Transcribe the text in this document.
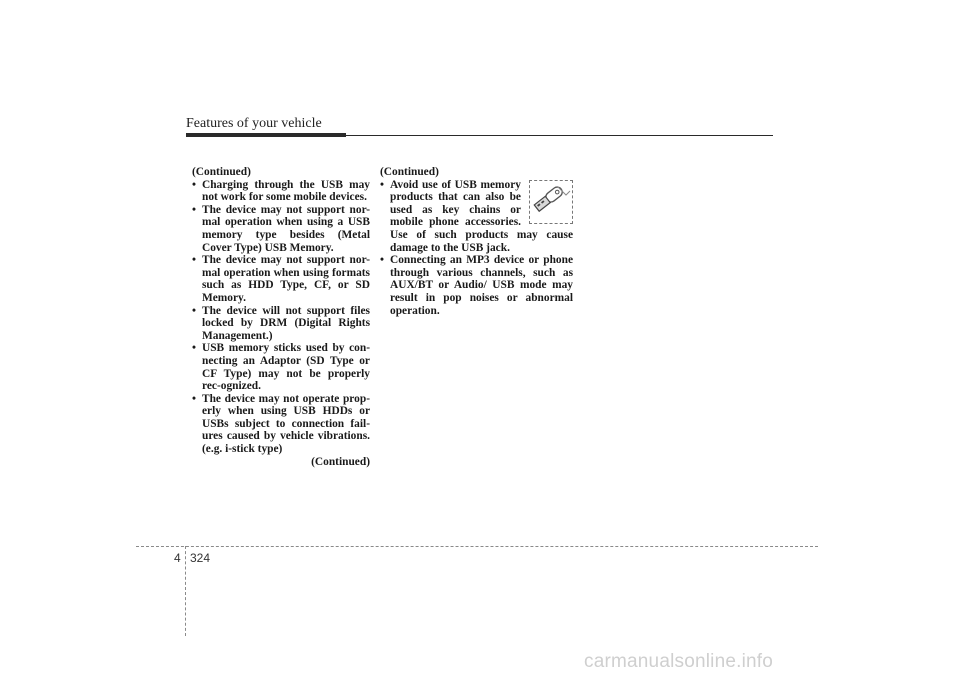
Features of your vehicle

(Continued)

• Charging through the USB may not work for some mobile devices.
• The device may not support nor-mal operation when using a USB memory type besides (Metal Cover Type) USB Memory.
• The device may not support nor-mal operation when using formats such as HDD Type, CF, or SD Memory.
• The device will not support files locked by DRM (Digital Rights Management.)
• USB memory sticks used by con-necting an Adaptor (SD Type or CF Type) may not be properly rec-ognized.
• The device may not operate prop-erly when using USB HDDs or USBs subject to connection fail-ures caused by vehicle vibrations. (e.g. i-stick type)

(Continued)

(Continued)

• Avoid use of USB memory products that can also be used as key chains or mobile phone accessories. Use of such products may cause damage to the USB jack.
• Connecting an MP3 device or phone through various channels, such as AUX/BT or Audio/ USB mode may result in pop noises or abnormal operation.
4 324
carmanualsonline.info
